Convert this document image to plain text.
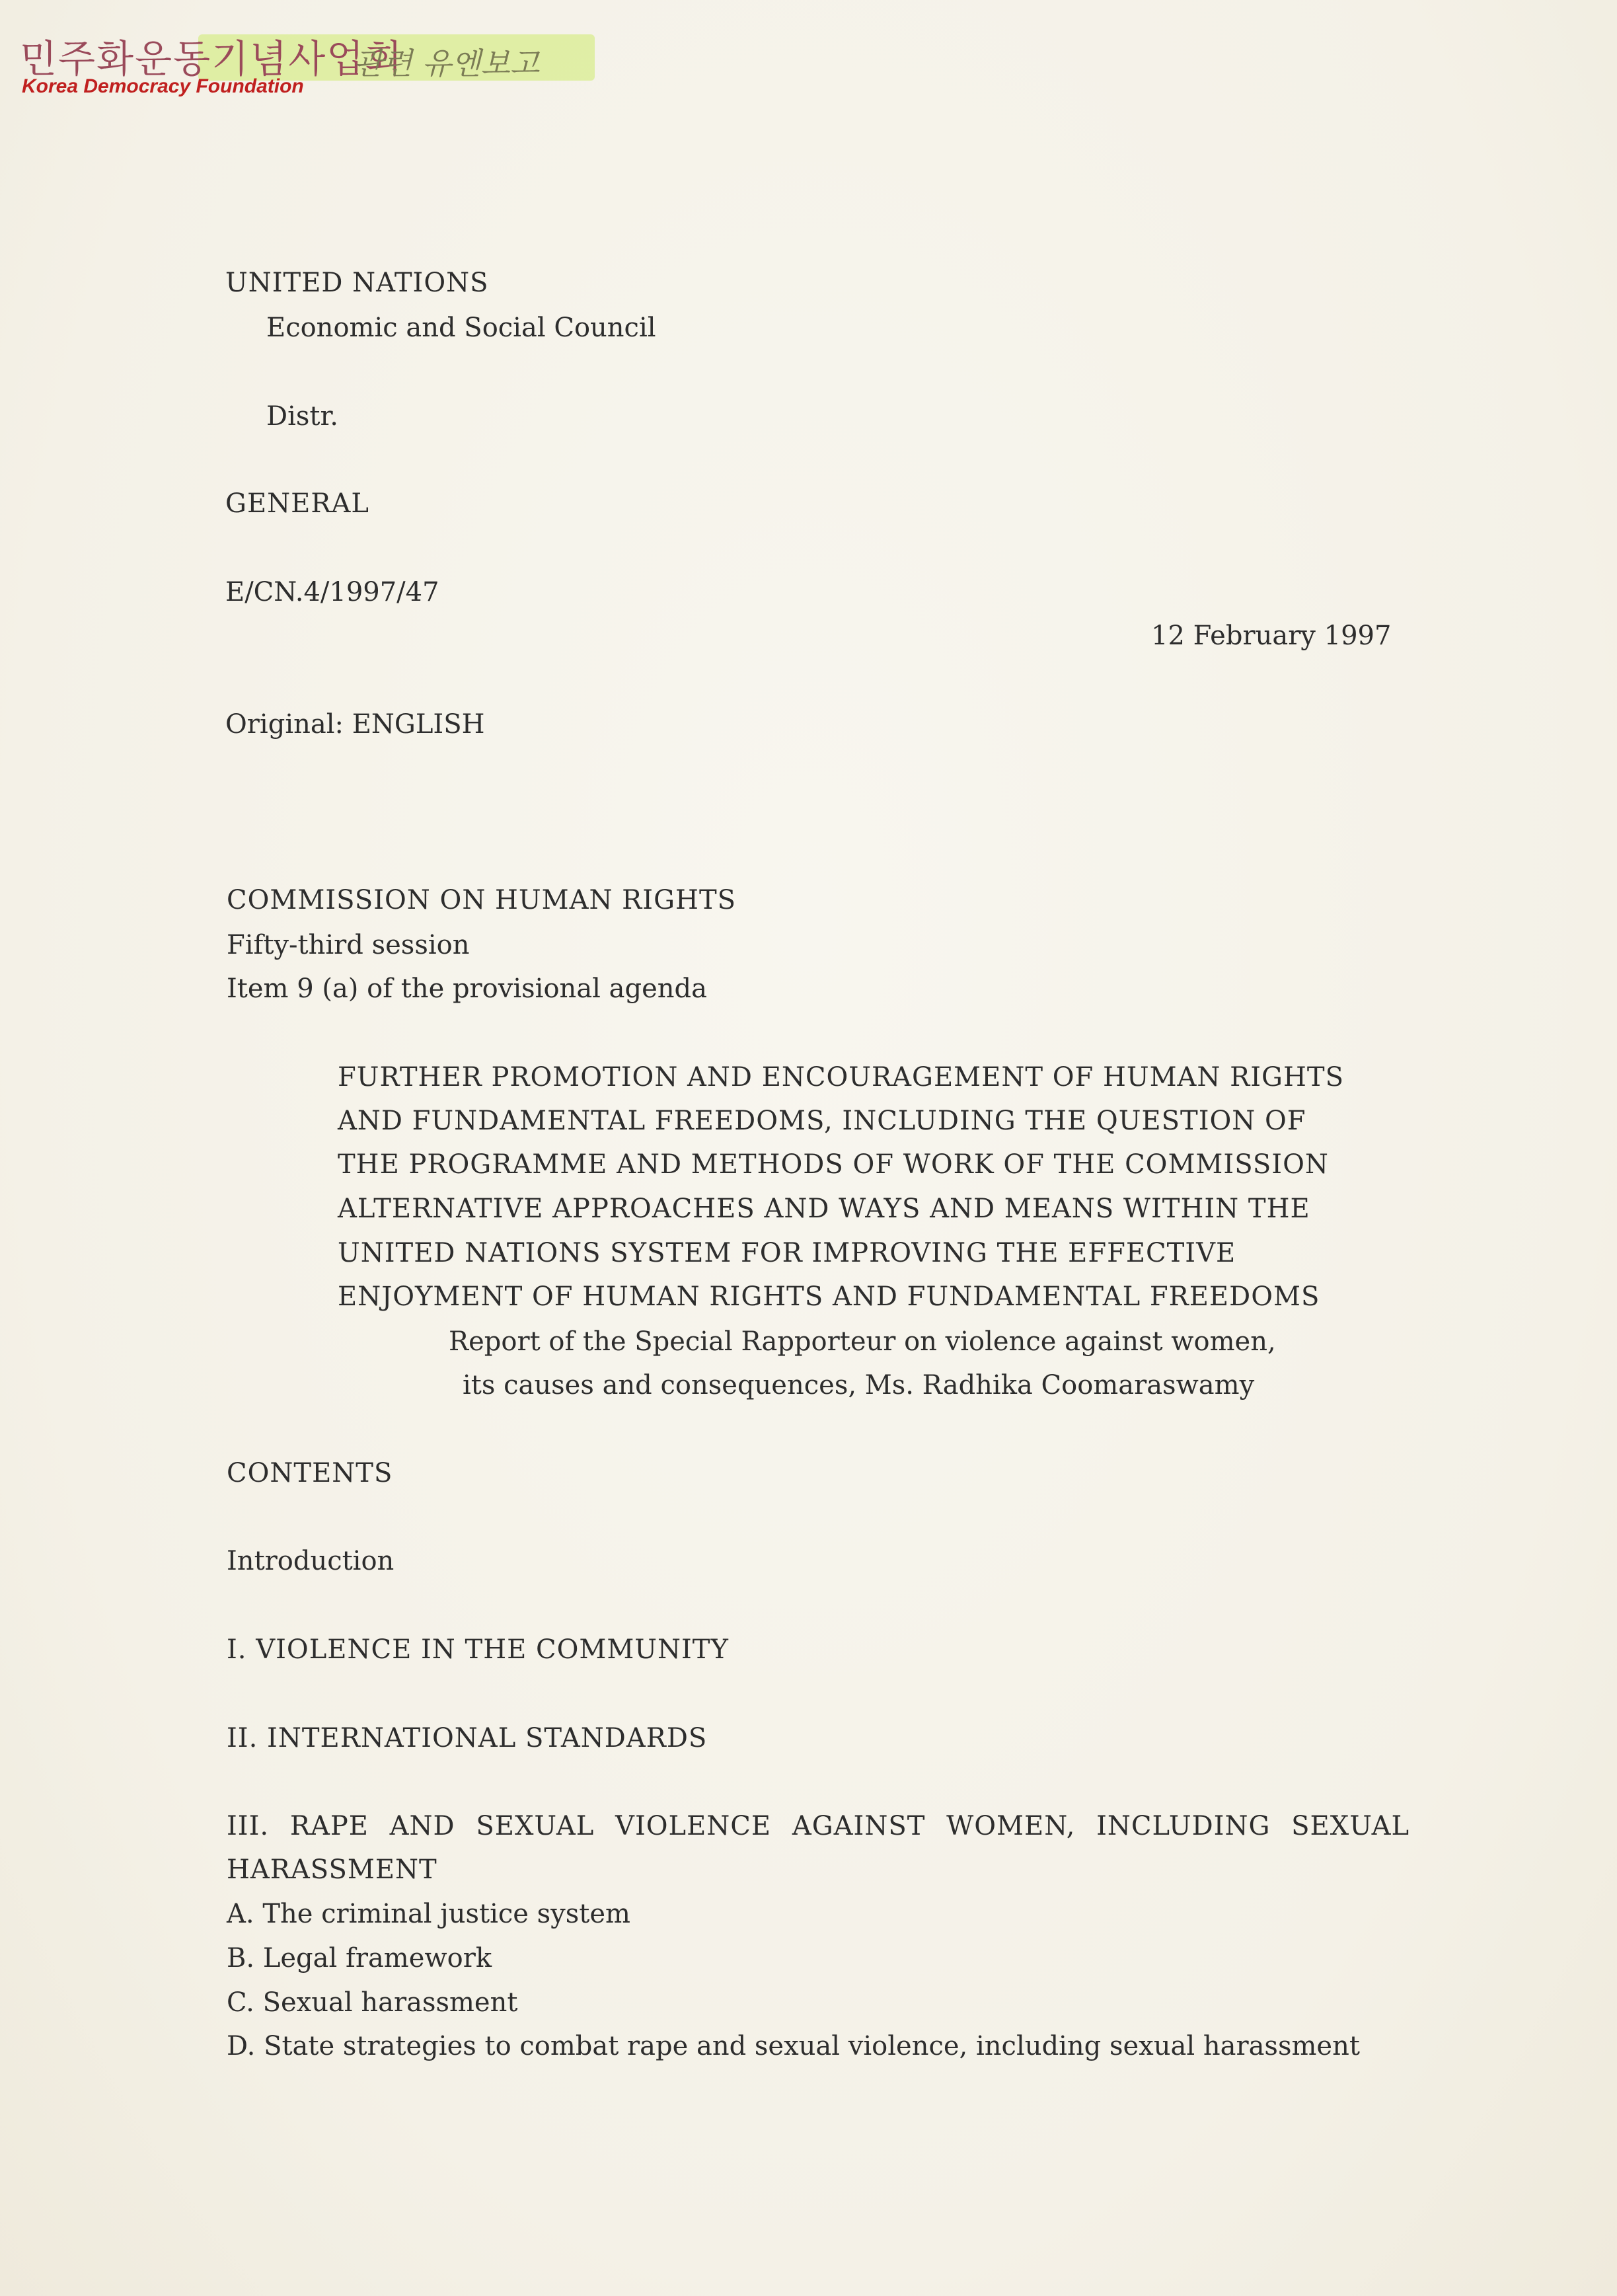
민주화운동기념사업회
관련 유엔보고
Korea Democracy Foundation
UNITED NATIONS
Economic and Social Council
Distr.
GENERAL
E/CN.4/1997/47
12 February 1997
Original: ENGLISH
COMMISSION ON HUMAN RIGHTS
Fifty-third session
Item 9 (a) of the provisional agenda
FURTHER PROMOTION AND ENCOURAGEMENT OF HUMAN RIGHTS
AND FUNDAMENTAL FREEDOMS, INCLUDING THE QUESTION OF
THE PROGRAMME AND METHODS OF WORK OF THE COMMISSION
ALTERNATIVE APPROACHES AND WAYS AND MEANS WITHIN THE
UNITED NATIONS SYSTEM FOR IMPROVING THE EFFECTIVE
ENJOYMENT OF HUMAN RIGHTS AND FUNDAMENTAL FREEDOMS
Report of the Special Rapporteur on violence against women,
its causes and consequences, Ms. Radhika Coomaraswamy
CONTENTS
Introduction
I. VIOLENCE IN THE COMMUNITY
II. INTERNATIONAL STANDARDS
III. RAPE AND SEXUAL VIOLENCE AGAINST WOMEN, INCLUDING SEXUAL
HARASSMENT
A. The criminal justice system
B. Legal framework
C. Sexual harassment
D. State strategies to combat rape and sexual violence, including sexual harassment
